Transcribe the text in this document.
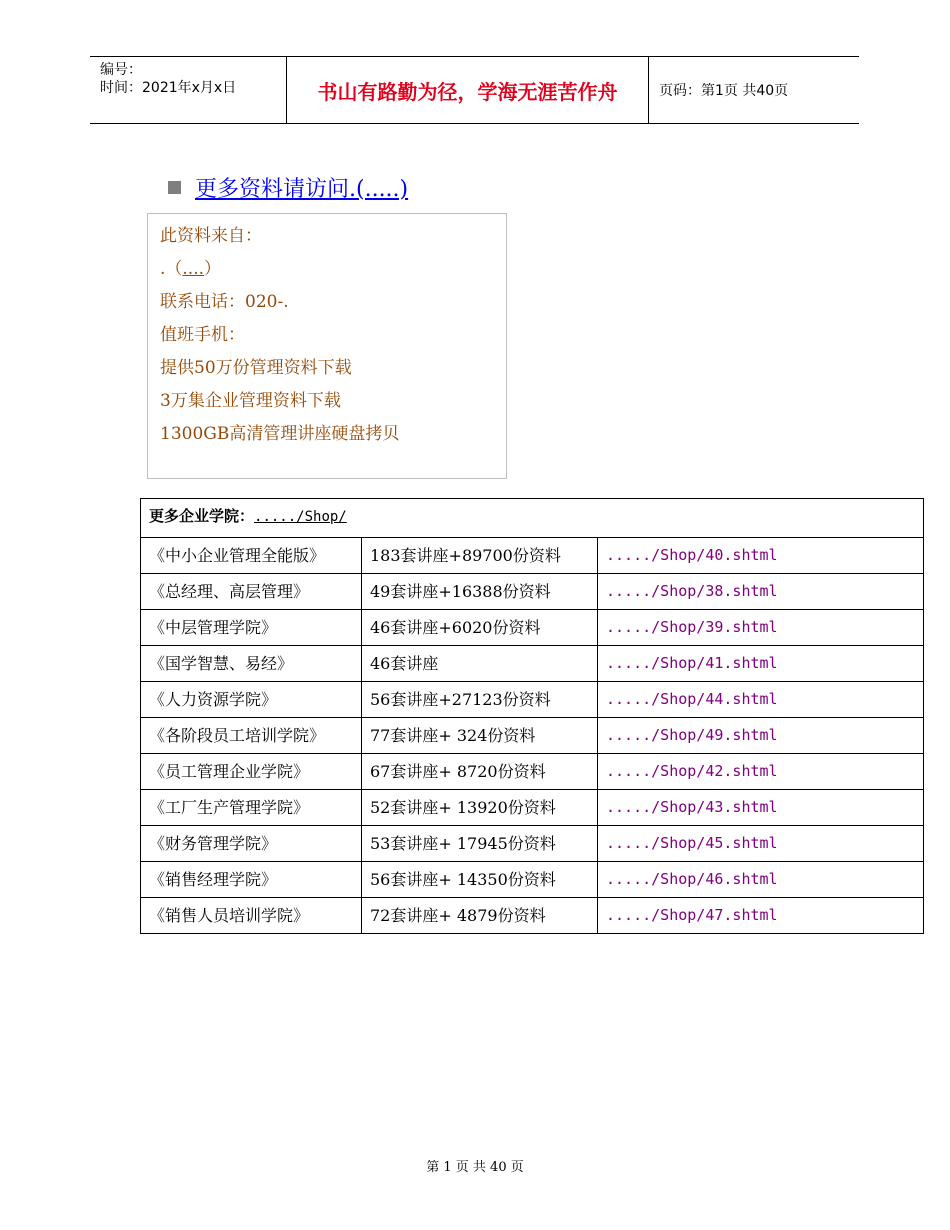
编号：
时间：2021年x月x日	书山有路勤为径，学海无涯苦作舟	页码：第1页 共40页
更多资料请访问.(.....)
此资料来自：
.（....）
联系电话：020-.
值班手机：
提供50万份管理资料下载
3万集企业管理资料下载
1300GB高清管理讲座硬盘拷贝
更多企业学院：...../Shop/		
《中小企业管理全能版》	183套讲座+89700份资料	...../Shop/40.shtml
《总经理、高层管理》	49套讲座+16388份资料	...../Shop/38.shtml
《中层管理学院》	46套讲座+6020份资料	...../Shop/39.shtml
《国学智慧、易经》	46套讲座	...../Shop/41.shtml
《人力资源学院》	56套讲座+27123份资料	...../Shop/44.shtml
《各阶段员工培训学院》	77套讲座+ 324份资料	...../Shop/49.shtml
《员工管理企业学院》	67套讲座+ 8720份资料	...../Shop/42.shtml
《工厂生产管理学院》	52套讲座+ 13920份资料	...../Shop/43.shtml
《财务管理学院》	53套讲座+ 17945份资料	...../Shop/45.shtml
《销售经理学院》	56套讲座+ 14350份资料	...../Shop/46.shtml
《销售人员培训学院》	72套讲座+ 4879份资料	...../Shop/47.shtml
第 1 页 共 40 页
